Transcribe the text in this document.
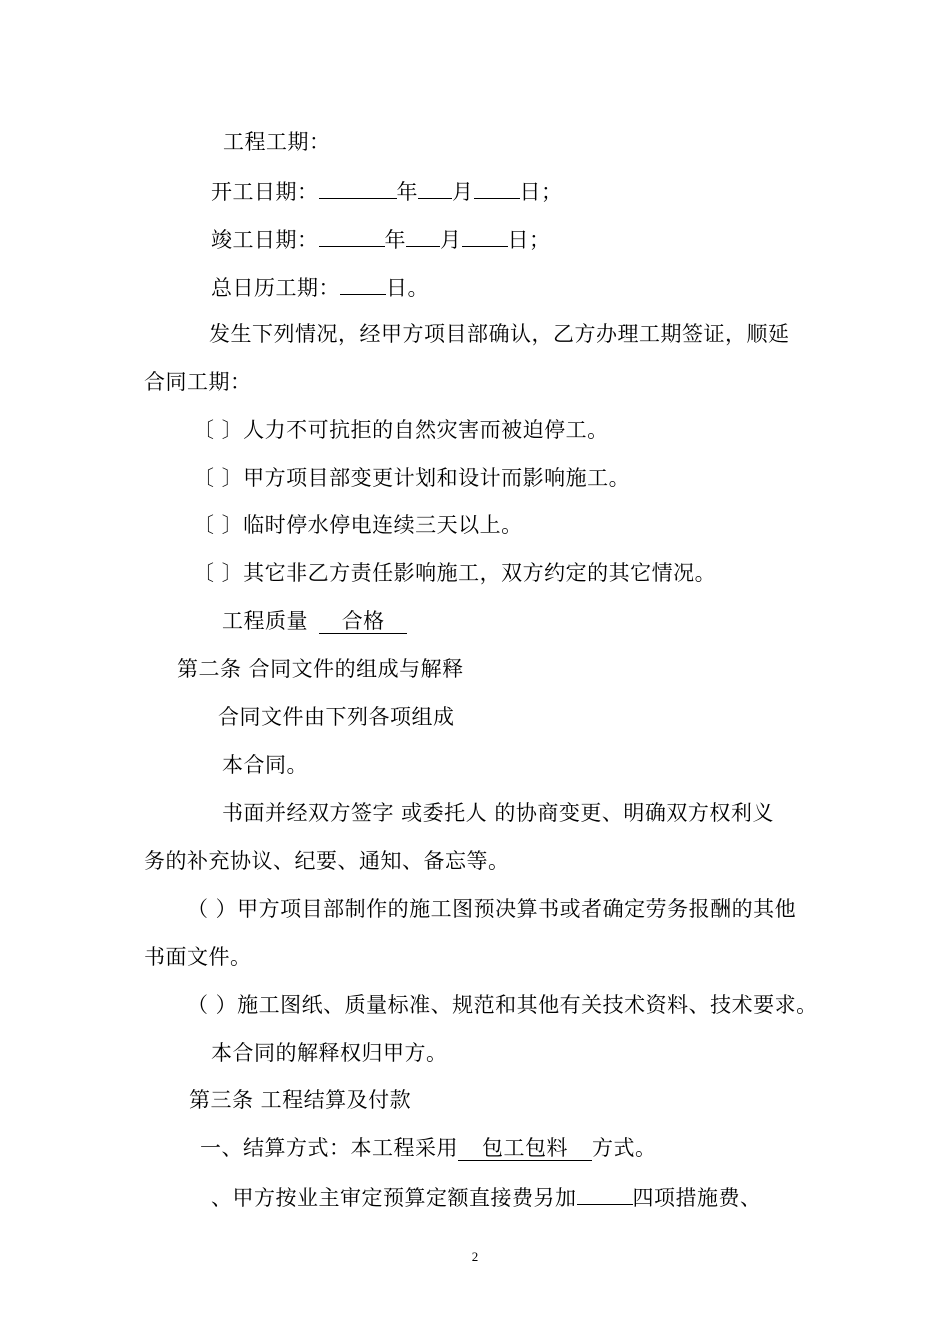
工程工期：
开工日期：	年 月 日；
竣工日期：	年 月 日；
总日历工期： 日。
发生下列情况，经甲方项目部确认，乙方办理工期签证，顺延
合同工期：
〔 〕人力不可抗拒的自然灾害而被迫停工。
〔 〕甲方项目部变更计划和设计而影响施工。
〔 〕临时停水停电连续三天以上。
〔 〕其它非乙方责任影响施工，双方约定的其它情况。
工程质量 合格
第二条 合同文件的组成与解释
合同文件由下列各项组成
本合同。
书面并经双方签字 或委托人 的协商变更、明确双方权利义
务的补充协议、纪要、通知、备忘等。
（ ）甲方项目部制作的施工图预决算书或者确定劳务报酬的其他
书面文件。
（ ）施工图纸、质量标准、规范和其他有关技术资料、技术要求。
本合同的解释权归甲方。
第三条 工程结算及付款
一、结算方式：本工程采用 包工包料 方式。
、甲方按业主审定预算定额直接费另加	四项措施费、
2
